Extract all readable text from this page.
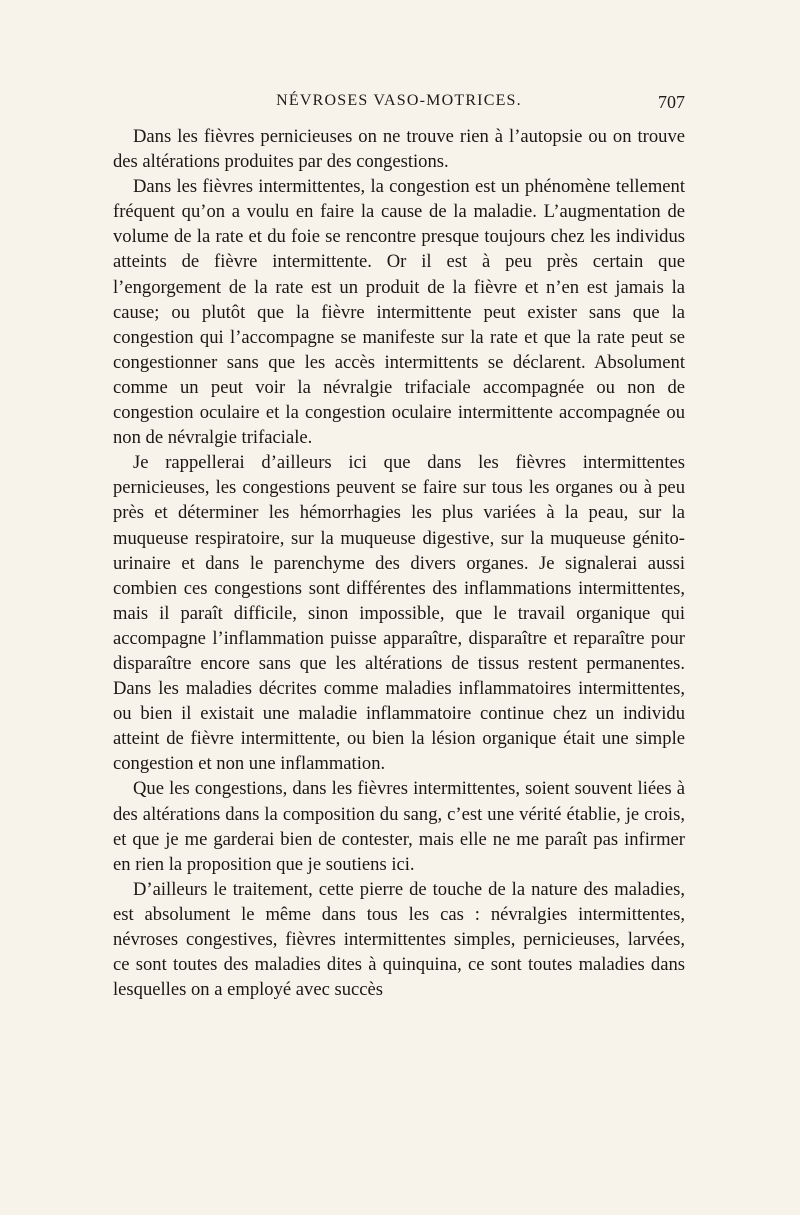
NÉVROSES VASO-MOTRICES.	707

Dans les fièvres pernicieuses on ne trouve rien à l’autopsie ou on trouve des altérations produites par des congestions.

Dans les fièvres intermittentes, la congestion est un phénomène tellement fréquent qu’on a voulu en faire la cause de la maladie. L’augmentation de volume de la rate et du foie se rencontre presque toujours chez les individus atteints de fièvre intermittente. Or il est à peu près certain que l’engorgement de la rate est un produit de la fièvre et n’en est jamais la cause; ou plutôt que la fièvre intermittente peut exister sans que la congestion qui l’accompagne se manifeste sur la rate et que la rate peut se congestionner sans que les accès intermittents se déclarent. Absolument comme un peut voir la névralgie trifaciale accompagnée ou non de congestion oculaire et la congestion oculaire intermittente accompagnée ou non de névralgie trifaciale.

Je rappellerai d’ailleurs ici que dans les fièvres intermittentes pernicieuses, les congestions peuvent se faire sur tous les organes ou à peu près et déterminer les hémorrhagies les plus variées à la peau, sur la muqueuse respiratoire, sur la muqueuse digestive, sur la muqueuse génito-urinaire et dans le parenchyme des divers organes. Je signalerai aussi combien ces congestions sont différentes des inflammations intermittentes, mais il paraît difficile, sinon impossible, que le travail organique qui accompagne l’inflammation puisse apparaître, disparaître et reparaître pour disparaître encore sans que les altérations de tissus restent permanentes. Dans les maladies décrites comme maladies inflammatoires intermittentes, ou bien il existait une maladie inflammatoire continue chez un individu atteint de fièvre intermittente, ou bien la lésion organique était une simple congestion et non une inflammation.

Que les congestions, dans les fièvres intermittentes, soient souvent liées à des altérations dans la composition du sang, c’est une vérité établie, je crois, et que je me garderai bien de contester, mais elle ne me paraît pas infirmer en rien la proposition que je soutiens ici.

D’ailleurs le traitement, cette pierre de touche de la nature des maladies, est absolument le même dans tous les cas : névralgies intermittentes, névroses congestives, fièvres intermittentes simples, pernicieuses, larvées, ce sont toutes des maladies dites à quinquina, ce sont toutes maladies dans lesquelles on a employé avec succès
